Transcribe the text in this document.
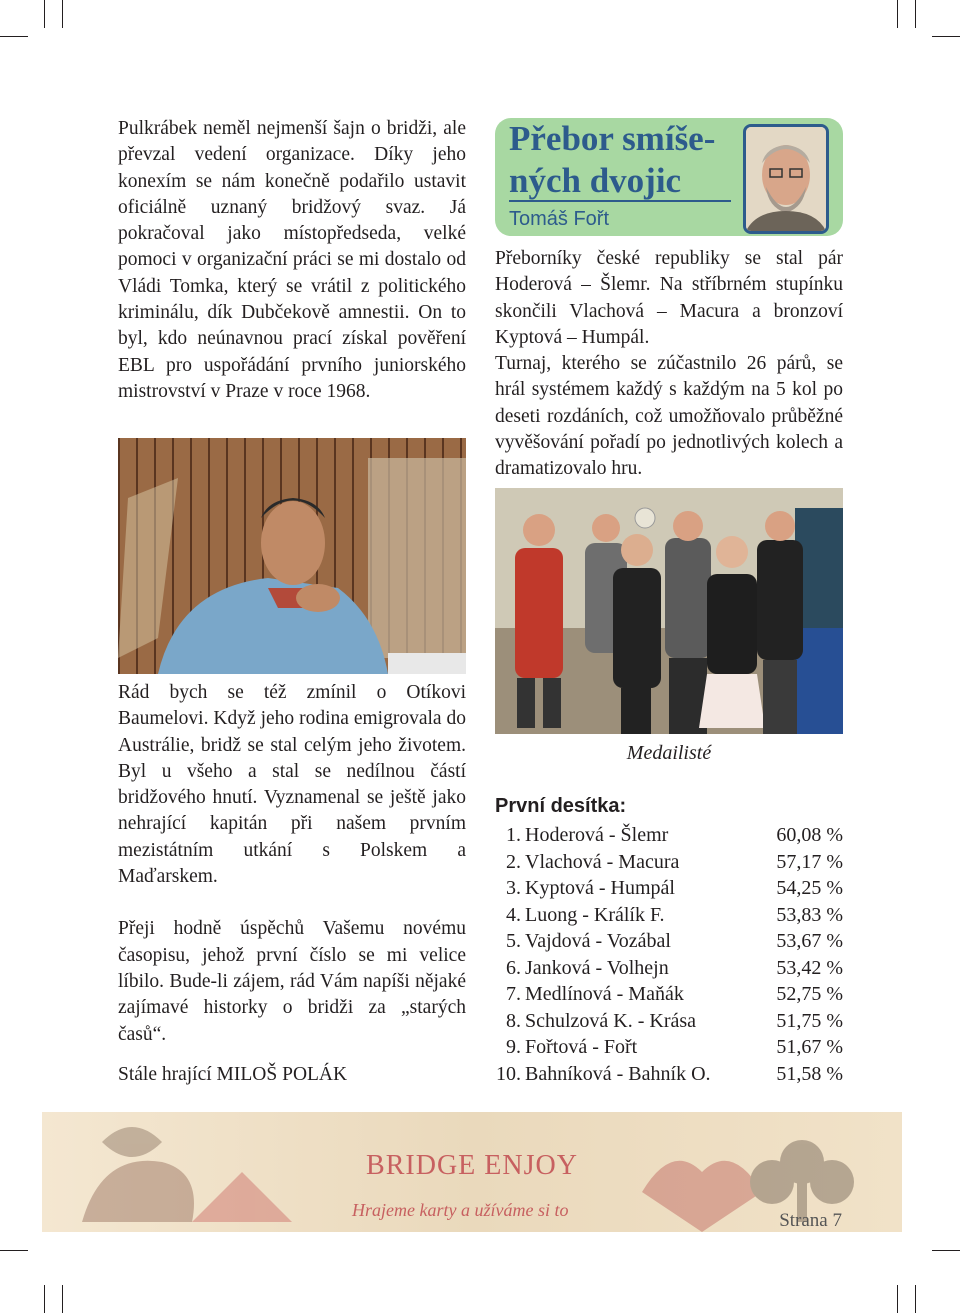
Pulkrábek neměl nejmenší šajn o bridži, ale převzal vedení organizace. Díky jeho konexím se nám konečně podařilo ustavit oficiálně uznaný bridžový svaz. Já pokračoval jako místopředseda, velké pomoci v organizační práci se mi dostalo od Vládi Tomka, který se vrátil z politického kriminálu, dík Dubčekově amnestii. On to byl, kdo neúnavnou prací získal pověření EBL pro uspořádání prvního juniorského mistrovství v Praze v roce 1968.

Rád bych se též zmínil o Otíkovi Baumelovi. Když jeho rodina emigrovala do Austrálie, bridž se stal celým jeho životem. Byl u všeho a stal se nedílnou částí bridžového hnutí. Vyznamenal se ještě jako nehrající kapitán při našem prvním mezistátním utkání s Polskem a Maďarskem.

Přeji hodně úspěchů Vašemu novému časopisu, jehož první číslo se mi velice líbilo. Bude-li zájem, rád Vám napíši nějaké zajímavé historky o bridži za „starých časů“.

Stále hrající MILOŠ POLÁK

Přebor smíše-
ných dvojic
Tomáš Fořt

Přeborníky české republiky se stal pár Hoderová – Šlemr. Na stříbrném stupínku skončili Vlachová – Macura a bronzoví Kyptová – Humpál.

Turnaj, kterého se zúčastnilo 26 párů, se hrál systémem každý s každým na 5 kol po deseti rozdáních, což umožňovalo průběžné vyvěšování pořadí po jednotlivých kolech a dramatizovalo hru.

Medailisté
První desítka:
1. Hoderová - Šlemr	60,08 %
2. Vlachová - Macura	57,17 %
3. Kyptová - Humpál	54,25 %
4. Luong - Králík F.	53,83 %
5. Vajdová - Vozábal	53,67 %
6. Janková - Volhejn	53,42 %
7. Medlínová - Maňák	52,75 %
8. Schulzová K. - Krása	51,75 %
9. Fořtová - Fořt	51,67 %
10. Bahníková - Bahník O.	51,58 %
BRIDGE ENJOY
Hrajeme karty a užíváme si to	Strana 7
